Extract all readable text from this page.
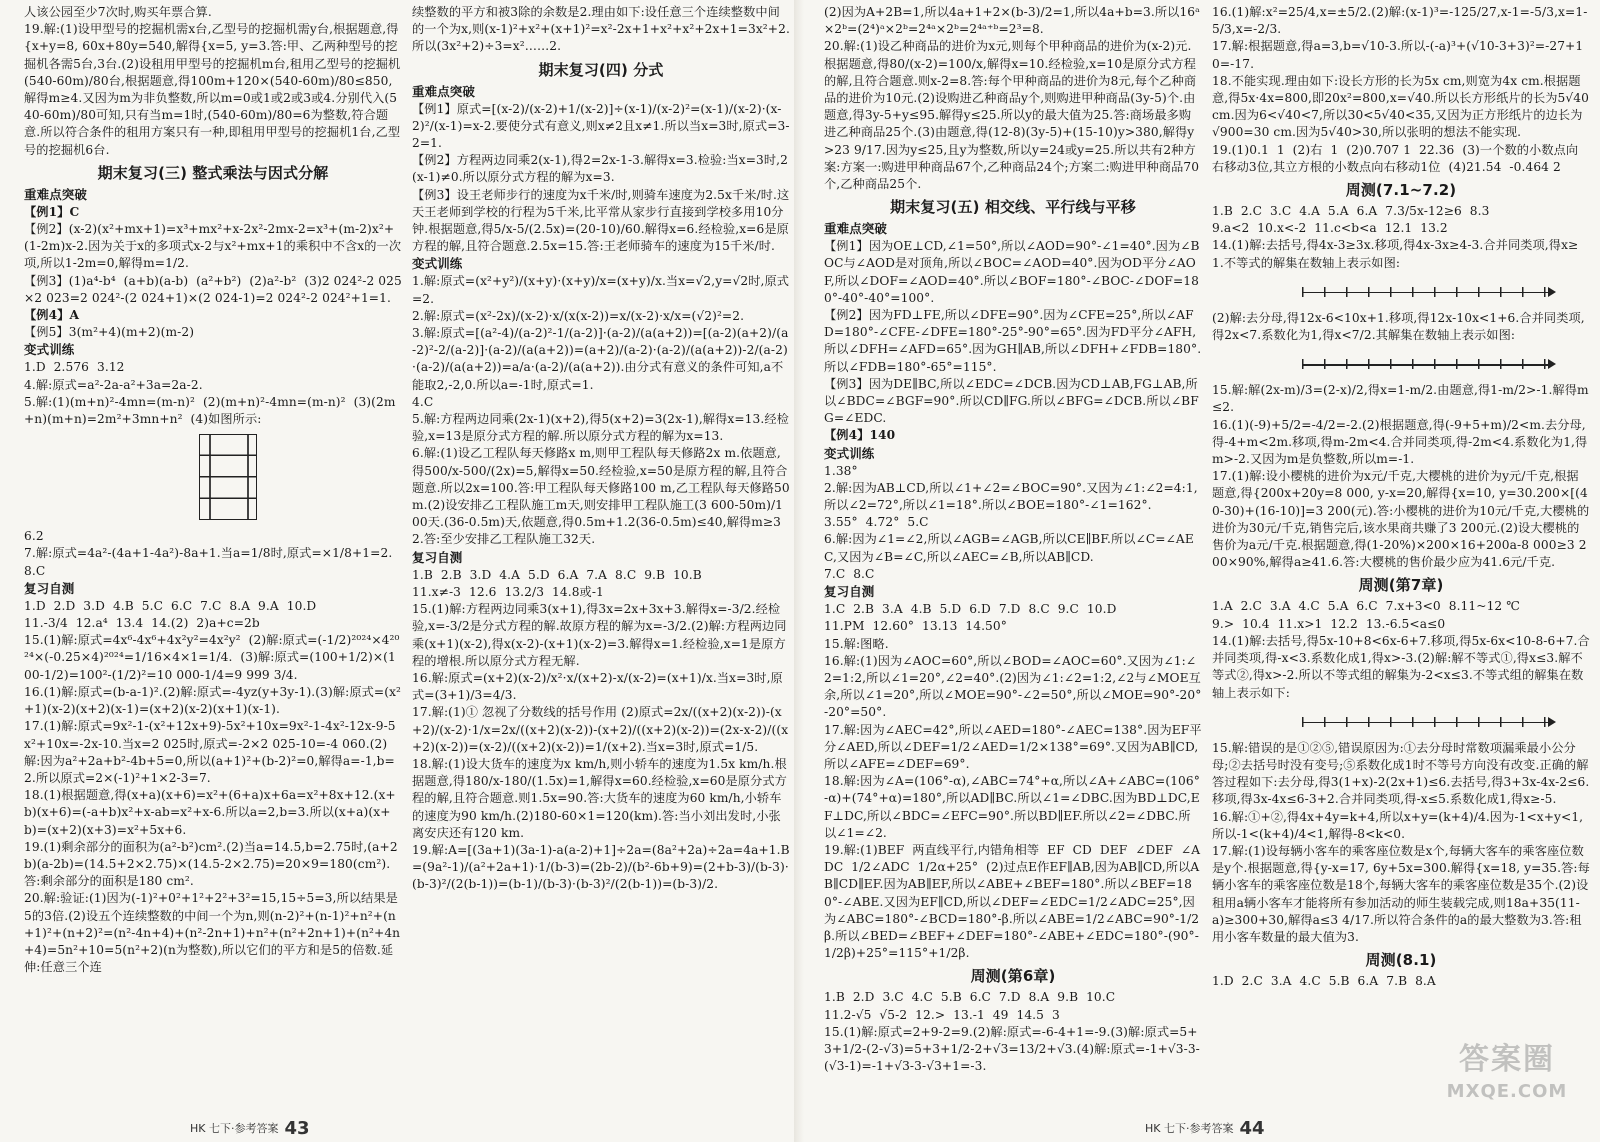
人该公园至少7次时,购买年票合算.
19.解:(1)设甲型号的挖掘机需x台,乙型号的挖掘机需y台,根据题意,得{x+y=8, 60x+80y=540,解得{x=5, y=3.答:甲、乙两种型号的挖掘机各需5台,3台.(2)设租用甲型号的挖掘机m台,租用乙型号的挖掘机(540-60m)/80台,根据题意,得100m+120×(540-60m)/80≤850,解得m≥4.又因为m为非负整数,所以m=0或1或2或3或4.分别代入(540-60m)/80可知,只有当m=1时,(540-60m)/80=6为整数,符合题意.所以符合条件的租用方案只有一种,即租用甲型号的挖掘机1台,乙型号的挖掘机6台.
期末复习(三) 整式乘法与因式分解
重难点突破
【例1】C
【例2】(x-2)(x²+mx+1)=x³+mx²+x-2x²-2mx-2=x³+(m-2)x²+(1-2m)x-2.因为关于x的多项式x-2与x²+mx+1的乘积中不含x的一次项,所以1-2m=0,解得m=1/2.
【例3】(1)a⁴-b⁴  (a+b)(a-b)  (a²+b²)  (2)a²-b²  (3)2 024²-2 025×2 023=2 024²-(2 024+1)×(2 024-1)=2 024²-2 024²+1=1.
【例4】A
【例5】3(m²+4)(m+2)(m-2)
变式训练
1.D  2.576  3.12
4.解:原式=a²-2a-a²+3a=2a-2.
5.解:(1)(m+n)²-4mn=(m-n)²  (2)(m+n)²-4mn=(m-n)²  (3)(2m+n)(m+n)=2m²+3mn+n²  (4)如图所示:
6.2
7.解:原式=4a²-(4a+1-4a²)-8a+1.当a=1/8时,原式=×1/8+1=2.
8.C
复习自测
1.D  2.D  3.D  4.B  5.C  6.C  7.C  8.A  9.A  10.D
11.-3/4  12.a⁴  13.4  14.(2)  2)a+c=2b
15.(1)解:原式=4x⁶-4x⁶+4x²y²=4x²y²  (2)解:原式=(-1/2)²⁰²⁴×4²⁰²⁴×(-0.25×4)²⁰²⁴=1/16×4×1=1/4.  (3)解:原式=(100+1/2)×(100-1/2)=100²-(1/2)²=10 000-1/4=9 999 3/4.
16.(1)解:原式=(b-a-1)².(2)解:原式=-4yz(y+3y-1).(3)解:原式=(x²+1)(x-2)(x+2)(x-1)=(x+2)(x-2)(x+1)(x-1).
17.(1)解:原式=9x²-1-(x²+12x+9)-5x²+10x=9x²-1-4x²-12x-9-5x²+10x=-2x-10.当x=2 025时,原式=-2×2 025-10=-4 060.(2)解:因为a²+2a+b²-4b+5=0,所以(a+1)²+(b-2)²=0,解得a=-1,b=2.所以原式=2×(-1)²+1×2-3=7.
18.(1)根据题意,得(x+a)(x+6)=x²+(6+a)x+6a=x²+8x+12.(x+b)(x+6)=(-a+b)x²+x-ab=x²+x-6.所以a=2,b=3.所以(x+a)(x+b)=(x+2)(x+3)=x²+5x+6.
19.(1)剩余部分的面积为(a²-b²)cm².(2)当a=14.5,b=2.75时,(a+2b)(a-2b)=(14.5+2×2.75)×(14.5-2×2.75)=20×9=180(cm²).答:剩余部分的面积是180 cm².
20.解:验证:(1)因为(-1)²+0²+1²+2²+3²=15,15÷5=3,所以结果是5的3倍.(2)设五个连续整数的中间一个为n,则(n-2)²+(n-1)²+n²+(n+1)²+(n+2)²=(n²-4n+4)+(n²-2n+1)+n²+(n²+2n+1)+(n²+4n+4)=5n²+10=5(n²+2)(n为整数),所以它们的平方和是5的倍数.延伸:任意三个连
续整数的平方和被3除的余数是2.理由如下:设任意三个连续整数中间的一个为x,则(x-1)²+x²+(x+1)²=x²-2x+1+x²+x²+2x+1=3x²+2.所以(3x²+2)÷3=x²……2.
期末复习(四) 分式
重难点突破
【例1】原式=[(x-2)/(x-2)+1/(x-2)]÷(x-1)/(x-2)²=(x-1)/(x-2)·(x-2)²/(x-1)=x-2.要使分式有意义,则x≠2且x≠1.所以当x=3时,原式=3-2=1.
【例2】方程两边同乘2(x-1),得2=2x-1-3.解得x=3.检验:当x=3时,2(x-1)≠0.所以原分式方程的解为x=3.
【例3】设王老师步行的速度为x千米/时,则骑车速度为2.5x千米/时.这天王老师到学校的行程为5千米,比平常从家步行直接到学校多用10分钟.根据题意,得5/x-5/(2.5x)=(20-10)/60.解得x=6.经检验,x=6是原方程的解,且符合题意.2.5x=15.答:王老师骑车的速度为15千米/时.
变式训练
1.解:原式=(x²+y²)/(x+y)·(x+y)/x=(x+y)/x.当x=√2,y=√2时,原式=2.
2.解:原式=(x²-2x)/(x-2)·x/(x(x-2))=x/(x-2)·x/x=(√2)²=2.
3.解:原式=[(a²-4)/(a-2)²-1/(a-2)]·(a-2)/(a(a+2))=[(a-2)(a+2)/(a-2)²-2/(a-2)]·(a-2)/(a(a+2))=(a+2)/(a-2)·(a-2)/(a(a+2))-2/(a-2)·(a-2)/(a(a+2))=a/a·(a-2)/(a(a+2)).由分式有意义的条件可知,a不能取2,-2,0.所以a=-1时,原式=1.
4.C
5.解:方程两边同乘(2x-1)(x+2),得5(x+2)=3(2x-1),解得x=13.经检验,x=13是原分式方程的解.所以原分式方程的解为x=13.
6.解:(1)设乙工程队每天修路x m,则甲工程队每天修路2x m.依题意,得500/x-500/(2x)=5,解得x=50.经检验,x=50是原方程的解,且符合题意.所以2x=100.答:甲工程队每天修路100 m,乙工程队每天修路50 m.(2)设安排乙工程队施工m天,则安排甲工程队施工(3 600-50m)/100天.(36-0.5m)天,依题意,得0.5m+1.2(36-0.5m)≤40,解得m≥32.答:至少安排乙工程队施工32天.
复习自测
1.B  2.B  3.D  4.A  5.D  6.A  7.A  8.C  9.B  10.B
11.x≠-3  12.6  13.2/3  14.8或-1
15.(1)解:方程两边同乘3(x+1),得3x=2x+3x+3.解得x=-3/2.经检验,x=-3/2是分式方程的解.故原方程的解为x=-3/2.(2)解:方程两边同乘(x+1)(x-2),得x(x-2)-(x+1)(x-2)=3.解得x=1.经检验,x=1是原方程的增根.所以原分式方程无解.
16.解:原式=(x+2)(x-2)/x²·x/(x+2)-x/(x-2)=(x+1)/x.当x=3时,原式=(3+1)/3=4/3.
17.解:(1)① 忽视了分数线的括号作用 (2)原式=2x/((x+2)(x-2))-(x+2)/(x-2)·1/x=2x/((x+2)(x-2))-(x+2)/((x+2)(x-2))=(2x-x-2)/((x+2)(x-2))=(x-2)/((x+2)(x-2))=1/(x+2).当x=3时,原式=1/5.
18.解:(1)设大货车的速度为x km/h,则小轿车的速度为1.5x km/h.根据题意,得180/x-180/(1.5x)=1,解得x=60.经检验,x=60是原分式方程的解,且符合题意.则1.5x=90.答:大货车的速度为60 km/h,小轿车的速度为90 km/h.(2)180-60×1=120(km).答:当小刘出发时,小张离安庆还有120 km.
19.解:A=[(3a+1)(3a-1)-a(a-2)+1]÷2a=(8a²+2a)÷2a=4a+1.B=(9a²-1)/(a²+2a+1)·1/(b-3)=(2b-2)/(b²-6b+9)=(2+b-3)/(b-3)·(b-3)²/(2(b-1))=(b-1)/(b-3)·(b-3)²/(2(b-1))=(b-3)/2.
(2)因为A+2B=1,所以4a+1+2×(b-3)/2=1,所以4a+b=3.所以16ᵃ×2ᵇ=(2⁴)ᵃ×2ᵇ=2⁴ᵃ×2ᵇ=2⁴ᵃ⁺ᵇ=2³=8.
20.解:(1)设乙种商品的进价为x元,则每个甲种商品的进价为(x-2)元.根据题意,得80/(x-2)=100/x,解得x=10.经检验,x=10是原分式方程的解,且符合题意.则x-2=8.答:每个甲种商品的进价为8元,每个乙种商品的进价为10元.(2)设购进乙种商品y个,则购进甲种商品(3y-5)个.由题意,得3y-5+y≤95.解得y≤25.所以y的最大值为25.答:商场最多购进乙种商品25个.(3)由题意,得(12-8)(3y-5)+(15-10)y>380,解得y>23 9/17.因为y≤25,且y为整数,所以y=24或y=25.所以共有2种方案:方案一:购进甲种商品67个,乙种商品24个;方案二:购进甲种商品70个,乙种商品25个.
期末复习(五) 相交线、平行线与平移
重难点突破
【例1】因为OE⊥CD,∠1=50°,所以∠AOD=90°-∠1=40°.因为∠BOC与∠AOD是对顶角,所以∠BOC=∠AOD=40°.因为OD平分∠AOF,所以∠DOF=∠AOD=40°.所以∠BOF=180°-∠BOC-∠DOF=180°-40°-40°=100°.
【例2】因为FD⊥FE,所以∠DFE=90°.因为∠CFE=25°,所以∠AFD=180°-∠CFE-∠DFE=180°-25°-90°=65°.因为FD平分∠AFH,所以∠DFH=∠AFD=65°.因为GH∥AB,所以∠DFH+∠FDB=180°.所以∠FDB=180°-65°=115°.
【例3】因为DE∥BC,所以∠EDC=∠DCB.因为CD⊥AB,FG⊥AB,所以∠BDC=∠BGF=90°.所以CD∥FG.所以∠BFG=∠DCB.所以∠BFG=∠EDC.
【例4】140
变式训练
1.38°
2.解:因为AB⊥CD,所以∠1+∠2=∠BOC=90°.又因为∠1:∠2=4:1,所以∠2=72°,所以∠1=18°.所以∠BOE=180°-∠1=162°.
3.55°  4.72°  5.C
6.解:因为∠1=∠2,所以∠AGB=∠AGB,所以CE∥BF.所以∠C=∠AEC,又因为∠B=∠C,所以∠AEC=∠B,所以AB∥CD.
7.C  8.C
复习自测
1.C  2.B  3.A  4.B  5.D  6.D  7.D  8.C  9.C  10.D
11.PM  12.60°  13.13  14.50°
15.解:图略.
16.解:(1)因为∠AOC=60°,所以∠BOD=∠AOC=60°.又因为∠1:∠2=1:2,所以∠1=20°,∠2=40°.(2)因为∠1:∠2=1:2,∠2与∠MOE互余,所以∠1=20°,所以∠MOE=90°-∠2=50°,所以∠MOE=90°-20°-20°=50°.
17.解:因为∠AEC=42°,所以∠AED=180°-∠AEC=138°.因为EF平分∠AED,所以∠DEF=1/2∠AED=1/2×138°=69°.又因为AB∥CD,所以∠AFE=∠DEF=69°.
18.解:因为∠A=(106°-α),∠ABC=74°+α,所以∠A+∠ABC=(106°-α)+(74°+α)=180°,所以AD∥BC.所以∠1=∠DBC.因为BD⊥DC,EF⊥DC,所以∠BDC=∠EFC=90°.所以BD∥EF.所以∠2=∠DBC.所以∠1=∠2.
19.解:(1)BEF  两直线平行,内错角相等  EF  CD  DEF  ∠DEF  ∠ADC  1/2∠ADC  1/2α+25°  (2)过点E作EF∥AB,因为AB∥CD,所以AB∥CD∥EF.因为AB∥EF,所以∠ABE+∠BEF=180°.所以∠BEF=180°-∠ABE.又因为EF∥CD,所以∠DEF=∠EDC=1/2∠ADC=25°,因为∠ABC=180°-∠BCD=180°-β.所以∠ABE=1/2∠ABC=90°-1/2β.所以∠BED=∠BEF+∠DEF=180°-∠ABE+∠EDC=180°-(90°-1/2β)+25°=115°+1/2β.
周测(第6章)
1.B  2.D  3.C  4.C  5.B  6.C  7.D  8.A  9.B  10.C
11.2-√5  √5-2  12.>  13.-1  49  14.5  3
15.(1)解:原式=2+9-2=9.(2)解:原式=-6-4+1=-9.(3)解:原式=5+3+1/2-(2-√3)=5+3+1/2-2+√3=13/2+√3.(4)解:原式=-1+√3-3-(√3-1)=-1+√3-3-√3+1=-3.
16.(1)解:x²=25/4,x=±5/2.(2)解:(x-1)³=-125/27,x-1=-5/3,x=1-5/3,x=-2/3.
17.解:根据题意,得a=3,b=√10-3.所以-(-a)³+(√10-3+3)²=-27+10=-17.
18.不能实现.理由如下:设长方形的长为5x cm,则宽为4x cm.根据题意,得5x·4x=800,即20x²=800,x=√40.所以长方形纸片的长为5√40 cm.因为6<√40<7,所以30<5√40<35,又因为正方形纸片的边长为√900=30 cm.因为5√40>30,所以张明的想法不能实现.
19.(1)0.1  1  (2)右  1  (2)0.707 1  22.36  (3)一个数的小数点向右移动3位,其立方根的小数点向右移动1位  (4)21.54  -0.464 2
周测(7.1~7.2)
1.B  2.C  3.C  4.A  5.A  6.A  7.3/5x-12≥6  8.3
9.a<2  10.x<-2  11.c<b<a  12.1  13.2
14.(1)解:去括号,得4x-3≥3x.移项,得4x-3x≥4-3.合并同类项,得x≥1.不等式的解集在数轴上表示如图:
(2)解:去分母,得12x-6<10x+1.移项,得12x-10x<1+6.合并同类项,得2x<7.系数化为1,得x<7/2.其解集在数轴上表示如图:
15.解:解(2x-m)/3=(2-x)/2,得x=1-m/2.由题意,得1-m/2>-1.解得m≤2.
16.(1)(-9)+5/2=-4/2=-2.(2)根据题意,得(-9+5+m)/2<m.去分母,得-4+m<2m.移项,得m-2m<4.合并同类项,得-2m<4.系数化为1,得m>-2.又因为m是负整数,所以m=-1.
17.(1)解:设小樱桃的进价为x元/千克,大樱桃的进价为y元/千克,根据题意,得{200x+20y=8 000, y-x=20,解得{x=10, y=30.200×[(40-30)+(16-10)]=3 200(元).答:小樱桃的进价为10元/千克,大樱桃的进价为30元/千克,销售完后,该水果商共赚了3 200元.(2)设大樱桃的售价为a元/千克.根据题意,得(1-20%)×200×16+200a-8 000≥3 200×90%,解得a≥41.6.答:大樱桃的售价最少应为41.6元/千克.
周测(第7章)
1.A  2.C  3.A  4.C  5.A  6.C  7.x+3<0  8.11~12 ℃
9.>  10.4  11.x>1  12.2  13.-6.5<a≤0
14.(1)解:去括号,得5x-10+8<6x-6+7.移项,得5x-6x<10-8-6+7.合并同类项,得-x<3.系数化成1,得x>-3.(2)解:解不等式①,得x≤3.解不等式②,得x>-2.所以不等式组的解集为-2<x≤3.不等式组的解集在数轴上表示如下:
15.解:错误的是①②⑤,错误原因为:①去分母时常数项漏乘最小公分母;②去括号时没有变号;⑤系数化成1时不等号方向没有改变.正确的解答过程如下:去分母,得3(1+x)-2(2x+1)≤6.去括号,得3+3x-4x-2≤6.移项,得3x-4x≤6-3+2.合并同类项,得-x≤5.系数化成1,得x≥-5.
16.解:①+②,得4x+4y=k+4,所以x+y=(k+4)/4.因为-1<x+y<1,所以-1<(k+4)/4<1,解得-8<k<0.
17.解:(1)设每辆小客车的乘客座位数是x个,每辆大客车的乘客座位数是y个.根据题意,得{y-x=17, 6y+5x=300.解得{x=18, y=35.答:每辆小客车的乘客座位数是18个,每辆大客车的乘客座位数是35个.(2)设租用a辆小客车才能将所有参加活动的师生装载完成,则18a+35(11-a)≥300+30,解得a≤3 4/17.所以符合条件的a的最大整数为3.答:租用小客车数量的最大值为3.
周测(8.1)
1.D  2.C  3.A  4.C  5.B  6.A  7.B  8.A
HK 七下·参考答案 43	HK 七下·参考答案 44
答案圈
MXQE.COM
